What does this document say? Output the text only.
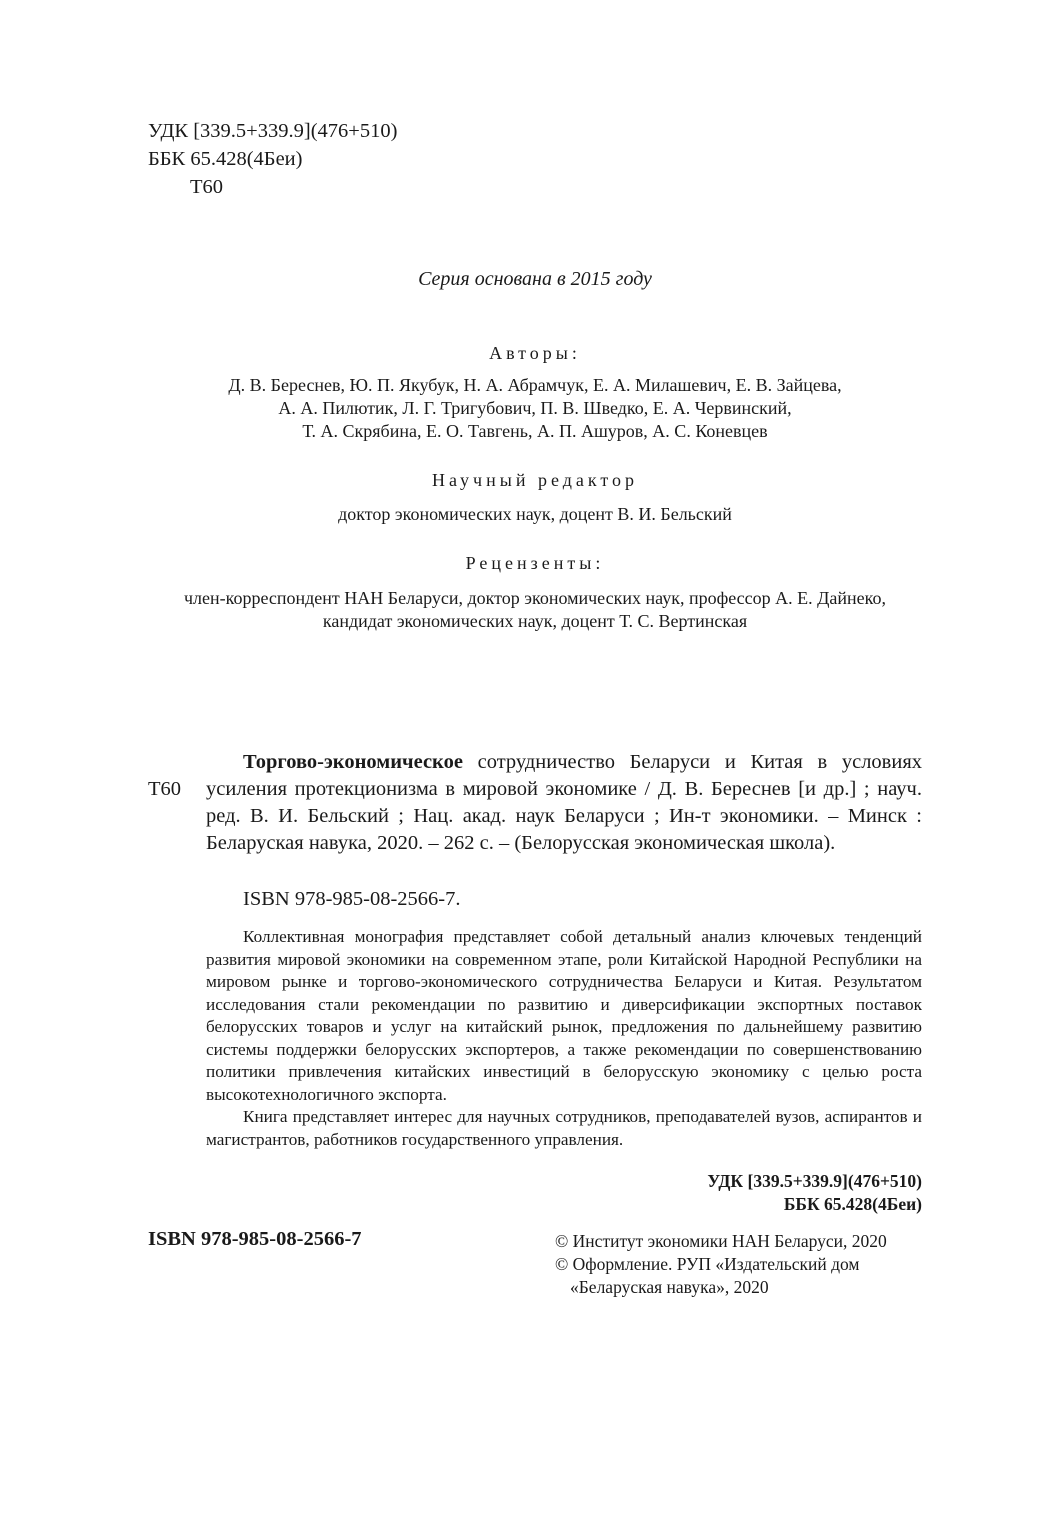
УДК [339.5+339.9](476+510)
ББК 65.428(4Беи)
Т60
Серия основана в 2015 году
Авторы:
Д. В. Береснев, Ю. П. Якубук, Н. А. Абрамчук, Е. А. Милашевич, Е. В. Зайцева,
А. А. Пилютик, Л. Г. Тригубович, П. В. Шведко, Е. А. Червинский,
Т. А. Скрябина, Е. О. Тавгень, А. П. Ашуров, А. С. Коневцев
Научный редактор
доктор экономических наук, доцент В. И. Бельский
Рецензенты:
член-корреспондент НАН Беларуси, доктор экономических наук, профессор А. Е. Дайнеко,
кандидат экономических наук, доцент Т. С. Вертинская
Т60
Торгово-экономическое сотрудничество Беларуси и Китая в условиях усиления протекционизма в мировой экономике / Д. В. Береснев [и др.] ; науч. ред. В. И. Бельский ; Нац. акад. наук Беларуси ; Ин-т экономики. – Минск : Беларуская навука, 2020. – 262 с. – (Белорусская экономическая школа).
ISBN 978-985-08-2566-7.

Коллективная монография представляет собой детальный анализ ключевых тенденций развития мировой экономики на современном этапе, роли Китайской Народной Республики на мировом рынке и торгово-экономического сотрудничества Беларуси и Китая. Результатом исследования стали рекомендации по развитию и диверсификации экспортных поставок белорусских товаров и услуг на китайский рынок, предложения по дальнейшему развитию системы поддержки белорусских экспортеров, а также рекомендации по совершенствованию политики привлечения китайских инвестиций в белорусскую экономику с целью роста высокотехнологичного экспорта.

Книга представляет интерес для научных сотрудников, преподавателей вузов, аспирантов и магистрантов, работников государственного управления.

УДК [339.5+339.9](476+510)
ББК 65.428(4Беи)
ISBN 978-985-08-2566-7	© Институт экономики НАН Беларуси, 2020
© Оформление. РУП «Издательский дом
«Беларуская навука», 2020
